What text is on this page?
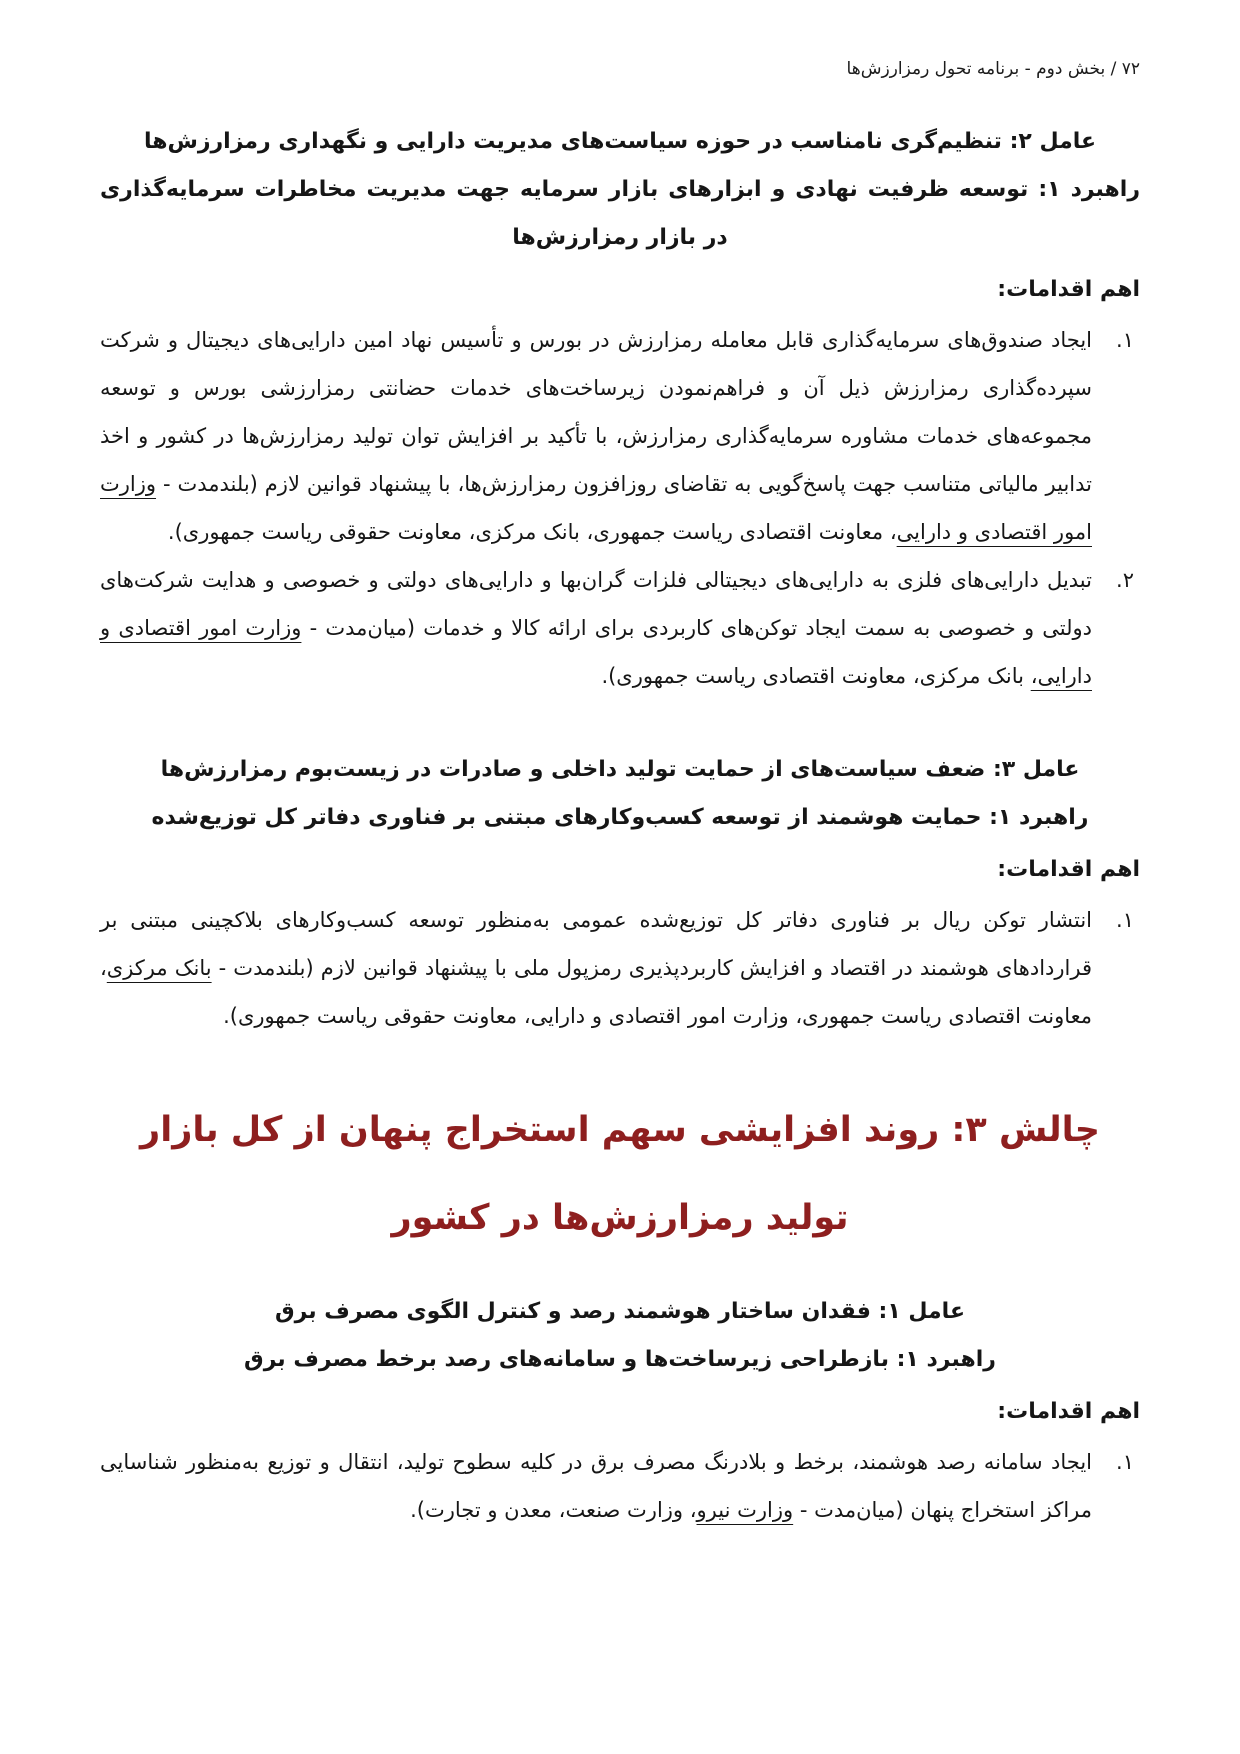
۷۲ / بخش دوم - برنامه تحول رمزارزش‌ها

عامل ۲: تنظیم‌گری نامناسب در حوزه سیاست‌های مدیریت دارایی و نگهداری رمزارزش‌ها

راهبرد ۱: توسعه ظرفیت نهادی و ابزارهای بازار سرمایه جهت مدیریت مخاطرات سرمایه‌گذاری در بازار رمزارزش‌ها

اهم اقدامات:

۱.

ایجاد صندوق‌های سرمایه‌گذاری قابل معامله رمزارزش در بورس و تأسیس نهاد امین دارایی‌های دیجیتال و شرکت سپرده‌گذاری رمزارزش ذیل آن و فراهم‌نمودن زیرساخت‌های خدمات حضانتی رمزارزشی بورس و توسعه مجموعه‌های خدمات مشاوره سرمایه‌گذاری رمزارزش، با تأکید بر افزایش توان تولید رمزارزش‌ها در کشور و اخذ تدابیر مالیاتی متناسب جهت پاسخ‌گویی به تقاضای روزافزون رمزارزش‌ها، با پیشنهاد قوانین لازم (بلندمدت - وزارت امور اقتصادی و دارایی، معاونت اقتصادی ریاست جمهوری، بانک مرکزی، معاونت حقوقی ریاست جمهوری).

۲.

تبدیل دارایی‌های فلزی به دارایی‌های دیجیتالی فلزات گران‌بها و دارایی‌های دولتی و خصوصی و هدایت شرکت‌های دولتی و خصوصی به سمت ایجاد توکن‌های کاربردی برای ارائه کالا و خدمات (میان‌مدت - وزارت امور اقتصادی و دارایی، بانک مرکزی، معاونت اقتصادی ریاست جمهوری).

عامل ۳: ضعف سیاست‌های از حمایت تولید داخلی و صادرات در زیست‌بوم رمزارزش‌ها

راهبرد ۱: حمایت هوشمند از توسعه کسب‌وکارهای مبتنی بر فناوری دفاتر کل توزیع‌شده

اهم اقدامات:

۱.

انتشار توکن ریال بر فناوری دفاتر کل توزیع‌شده عمومی به‌منظور توسعه کسب‌وکارهای بلاکچینی مبتنی بر قراردادهای هوشمند در اقتصاد و افزایش کاربردپذیری رمزپول ملی با پیشنهاد قوانین لازم (بلندمدت - بانک مرکزی، معاونت اقتصادی ریاست جمهوری، وزارت امور اقتصادی و دارایی، معاونت حقوقی ریاست جمهوری).

چالش ۳: روند افزایشی سهم استخراج پنهان از کل بازار تولید رمزارزش‌ها در کشور

عامل ۱: فقدان ساختار هوشمند رصد و کنترل الگوی مصرف برق

راهبرد ۱: بازطراحی زیرساخت‌ها و سامانه‌های رصد برخط مصرف برق

اهم اقدامات:

۱.

ایجاد سامانه رصد هوشمند، برخط و بلادرنگ مصرف برق در کلیه سطوح تولید، انتقال و توزیع به‌منظور شناسایی مراکز استخراج پنهان (میان‌مدت - وزارت نیرو، وزارت صنعت، معدن و تجارت).
